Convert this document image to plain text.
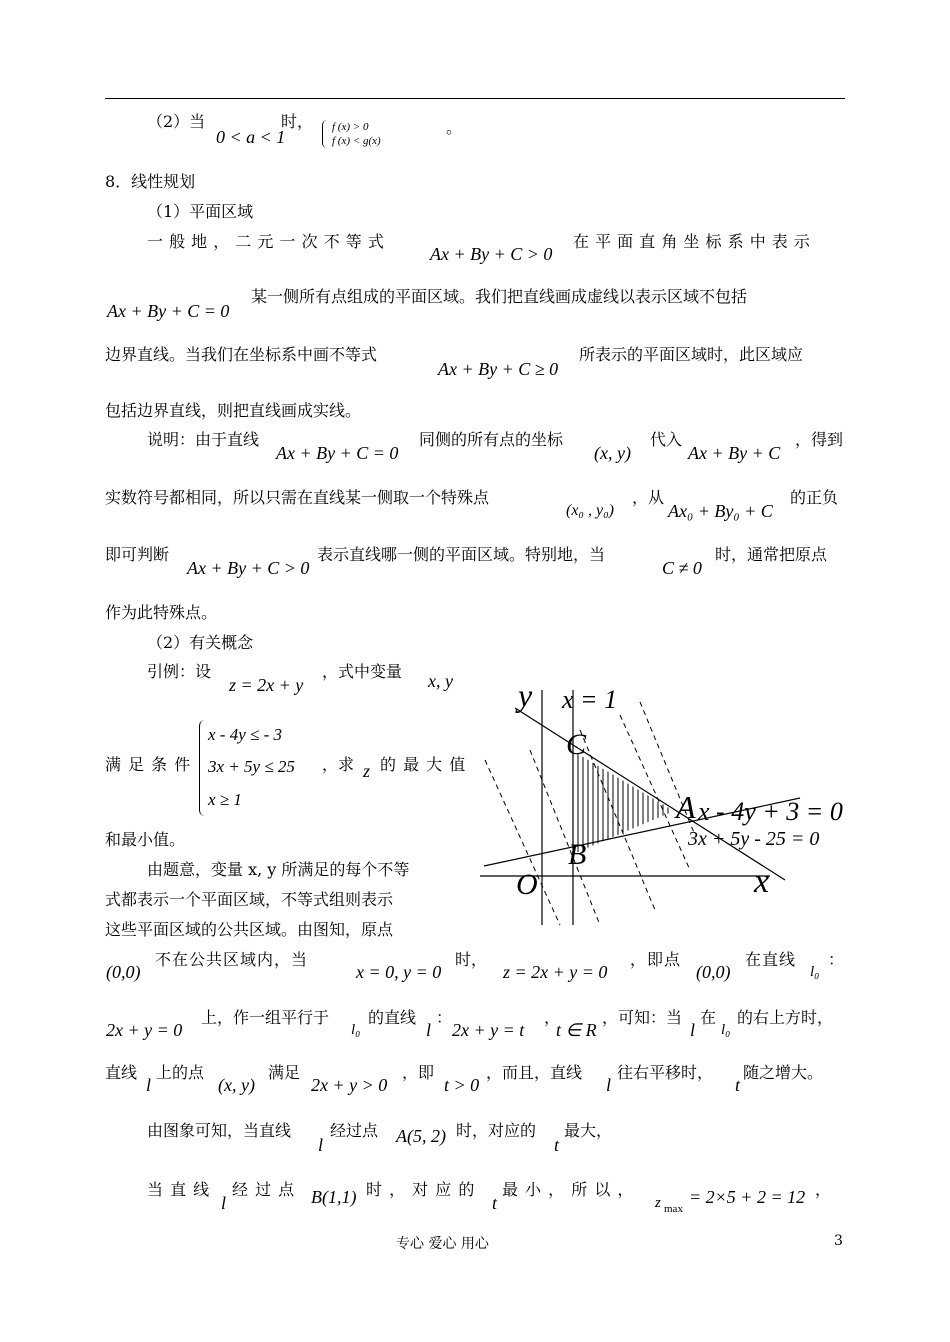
（2）当
0 < a < 1
时， f (x) > 0
f (x) < g(x)
。
8．线性规划
（1）平面区域
一 般 地 ， 二 元 一 次 不 等 式
Ax + By + C > 0
在 平 面 直 角 坐 标 系 中 表 示
Ax + By + C = 0
某一侧所有点组成的平面区域。我们把直线画成虚线以表示区域不包括
边界直线。当我们在坐标系中画不等式
Ax + By + C ≥ 0
所表示的平面区域时，此区域应
包括边界直线，则把直线画成实线。
说明：由于直线
Ax + By + C = 0
同侧的所有点的坐标
(x, y)
代入
Ax + By + C
，得到
实数符号都相同，所以只需在直线某一侧取一个特殊点
(x₀ , y₀)
，从
Ax₀ + By₀ + C
的正负
即可判断
Ax + By + C > 0
表示直线哪一侧的平面区域。特别地，当
C ≠ 0
时，通常把原点
作为此特殊点。
（2）有关概念
引例：设
z = 2x + y
，式中变量 x, y
满 足 条 件
x - 4y ≤ - 3
3x + 5y ≤ 25
x ≥ 1
，求 z 的 最 大 值
和最小值。
由题意，变量 x, y 所满足的每个不等
式都表示一个平面区域，不等式组则表示
这些平面区域的公共区域。由图知，原点
y x = 1
C
A x - 4y + 3 = 0
3x + 5y - 25 = 0
B
O	x
(0,0)
不在公共区域内，当
x = 0, y = 0
时，
z = 2x + y = 0
，即点
(0,0)
在直线
l₀
：
2x + y = 0
上，作一组平行于
l₀
的直线
l
：
2x + y = t
，
t ∈ R
，可知：当
l
在
l₀
的右上方时，
直线
l
上的点
(x, y)
满足
2x + y > 0
，即
t > 0
，而且，直线
l
往右平移时，
t
随之增大。
由图象可知，当直线
l
经过点 A(5, 2) 时，对应的
t
最大，
当 直 线
l
经 过 点 B(1,1) 时 ， 对 应 的
t
最 小 ， 所 以 ，
z max
= 2×5 + 2 = 12 ，
专心 爱心 用心	3
